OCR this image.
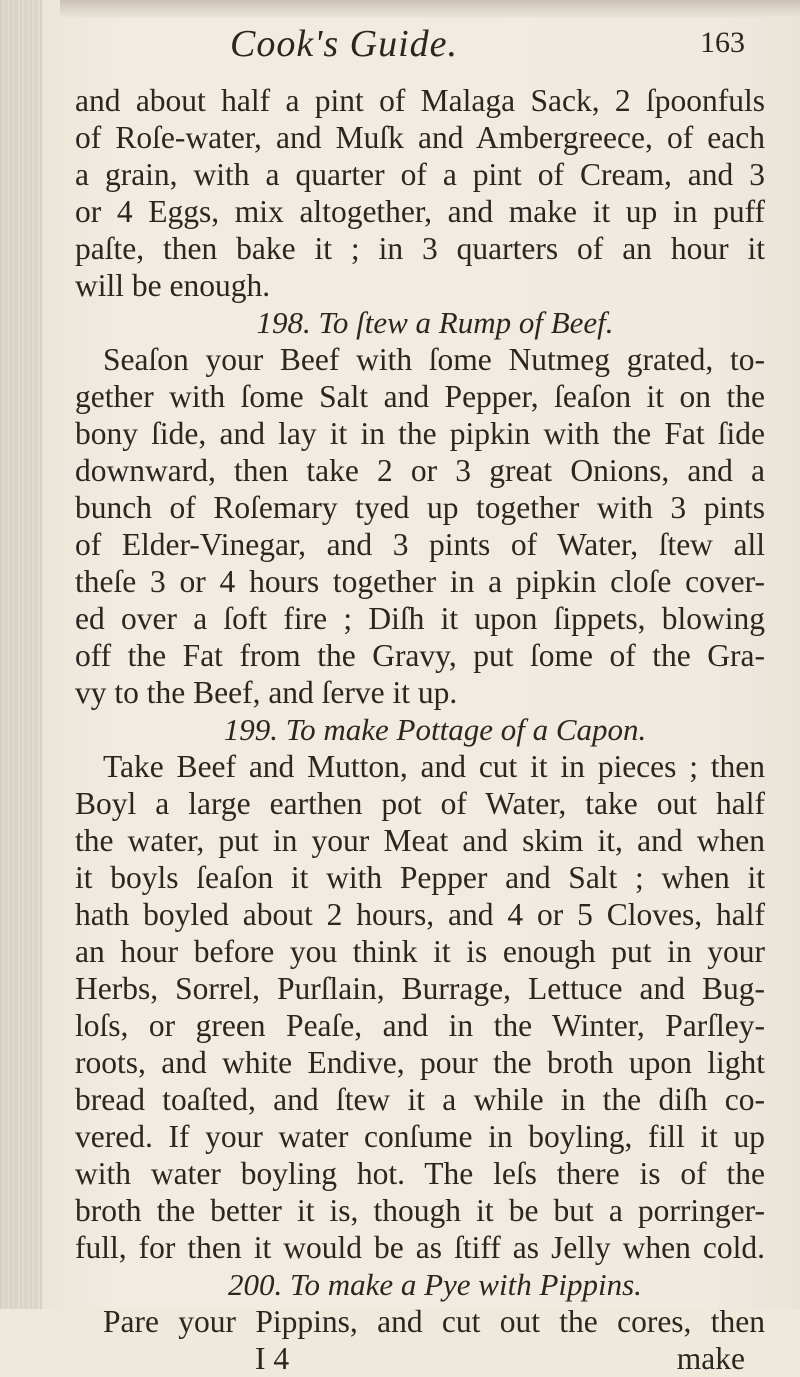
Cook's Guide.	163
and about half a pint of Malaga Sack, 2 ſpoonfuls
of Roſe-water, and Muſk and Ambergreece, of each
a grain, with a quarter of a pint of Cream, and 3
or 4 Eggs, mix altogether, and make it up in puff
paſte, then bake it ; in 3 quarters of an hour it
will be enough.
198. To ſtew a Rump of Beef.
Seaſon your Beef with ſome Nutmeg grated, to-
gether with ſome Salt and Pepper, ſeaſon it on the
bony ſide, and lay it in the pipkin with the Fat ſide
downward, then take 2 or 3 great Onions, and a
bunch of Roſemary tyed up together with 3 pints
of Elder-Vinegar, and 3 pints of Water, ſtew all
theſe 3 or 4 hours together in a pipkin cloſe cover-
ed over a ſoft fire ; Diſh it upon ſippets, blowing
off the Fat from the Gravy, put ſome of the Gra-
vy to the Beef, and ſerve it up.
199. To make Pottage of a Capon.
Take Beef and Mutton, and cut it in pieces ; then
Boyl a large earthen pot of Water, take out half
the water, put in your Meat and skim it, and when
it boyls ſeaſon it with Pepper and Salt ; when it
hath boyled about 2 hours, and 4 or 5 Cloves, half
an hour before you think it is enough put in your
Herbs, Sorrel, Purſlain, Burrage, Lettuce and Bug-
loſs, or green Peaſe, and in the Winter, Parſley-
roots, and white Endive, pour the broth upon light
bread toaſted, and ſtew it a while in the diſh co-
vered. If your water conſume in boyling, fill it up
with water boyling hot. The leſs there is of the
broth the better it is, though it be but a porringer-
full, for then it would be as ſtiff as Jelly when cold.
200. To make a Pye with Pippins.
Pare your Pippins, and cut out the cores, then
I 4	make
